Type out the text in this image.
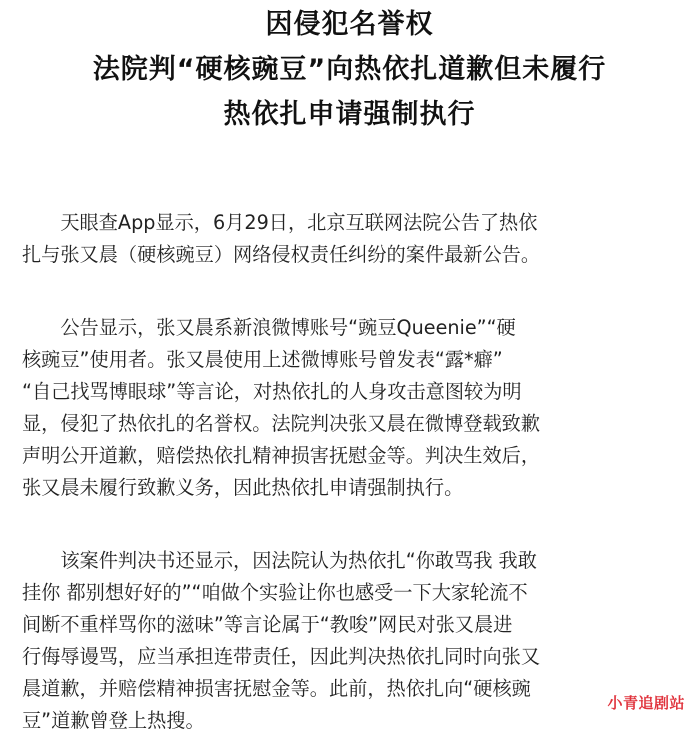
因侵犯名誉权
法院判“硬核豌豆”向热依扎道歉但未履行
热依扎申请强制执行
　　天眼查App显示，6月29日，北京互联网法院公告了热依
扎与张又晨（硬核豌豆）网络侵权责任纠纷的案件最新公告。
　　公告显示，张又晨系新浪微博账号“豌豆Queenie”“硬
核豌豆”使用者。张又晨使用上述微博账号曾发表“露*癖”
“自己找骂博眼球”等言论，对热依扎的人身攻击意图较为明
显，侵犯了热依扎的名誉权。法院判决张又晨在微博登载致歉
声明公开道歉，赔偿热依扎精神损害抚慰金等。判决生效后，
张又晨未履行致歉义务，因此热依扎申请强制执行。
　　该案件判决书还显示，因法院认为热依扎“你敢骂我 我敢
挂你 都别想好好的”“咱做个实验让你也感受一下大家轮流不
间断不重样骂你的滋味”等言论属于“教唆”网民对张又晨进
行侮辱谩骂，应当承担连带责任，因此判决热依扎同时向张又
晨道歉，并赔偿精神损害抚慰金等。此前，热依扎向“硬核豌
豆”道歉曾登上热搜。
小青追剧站
